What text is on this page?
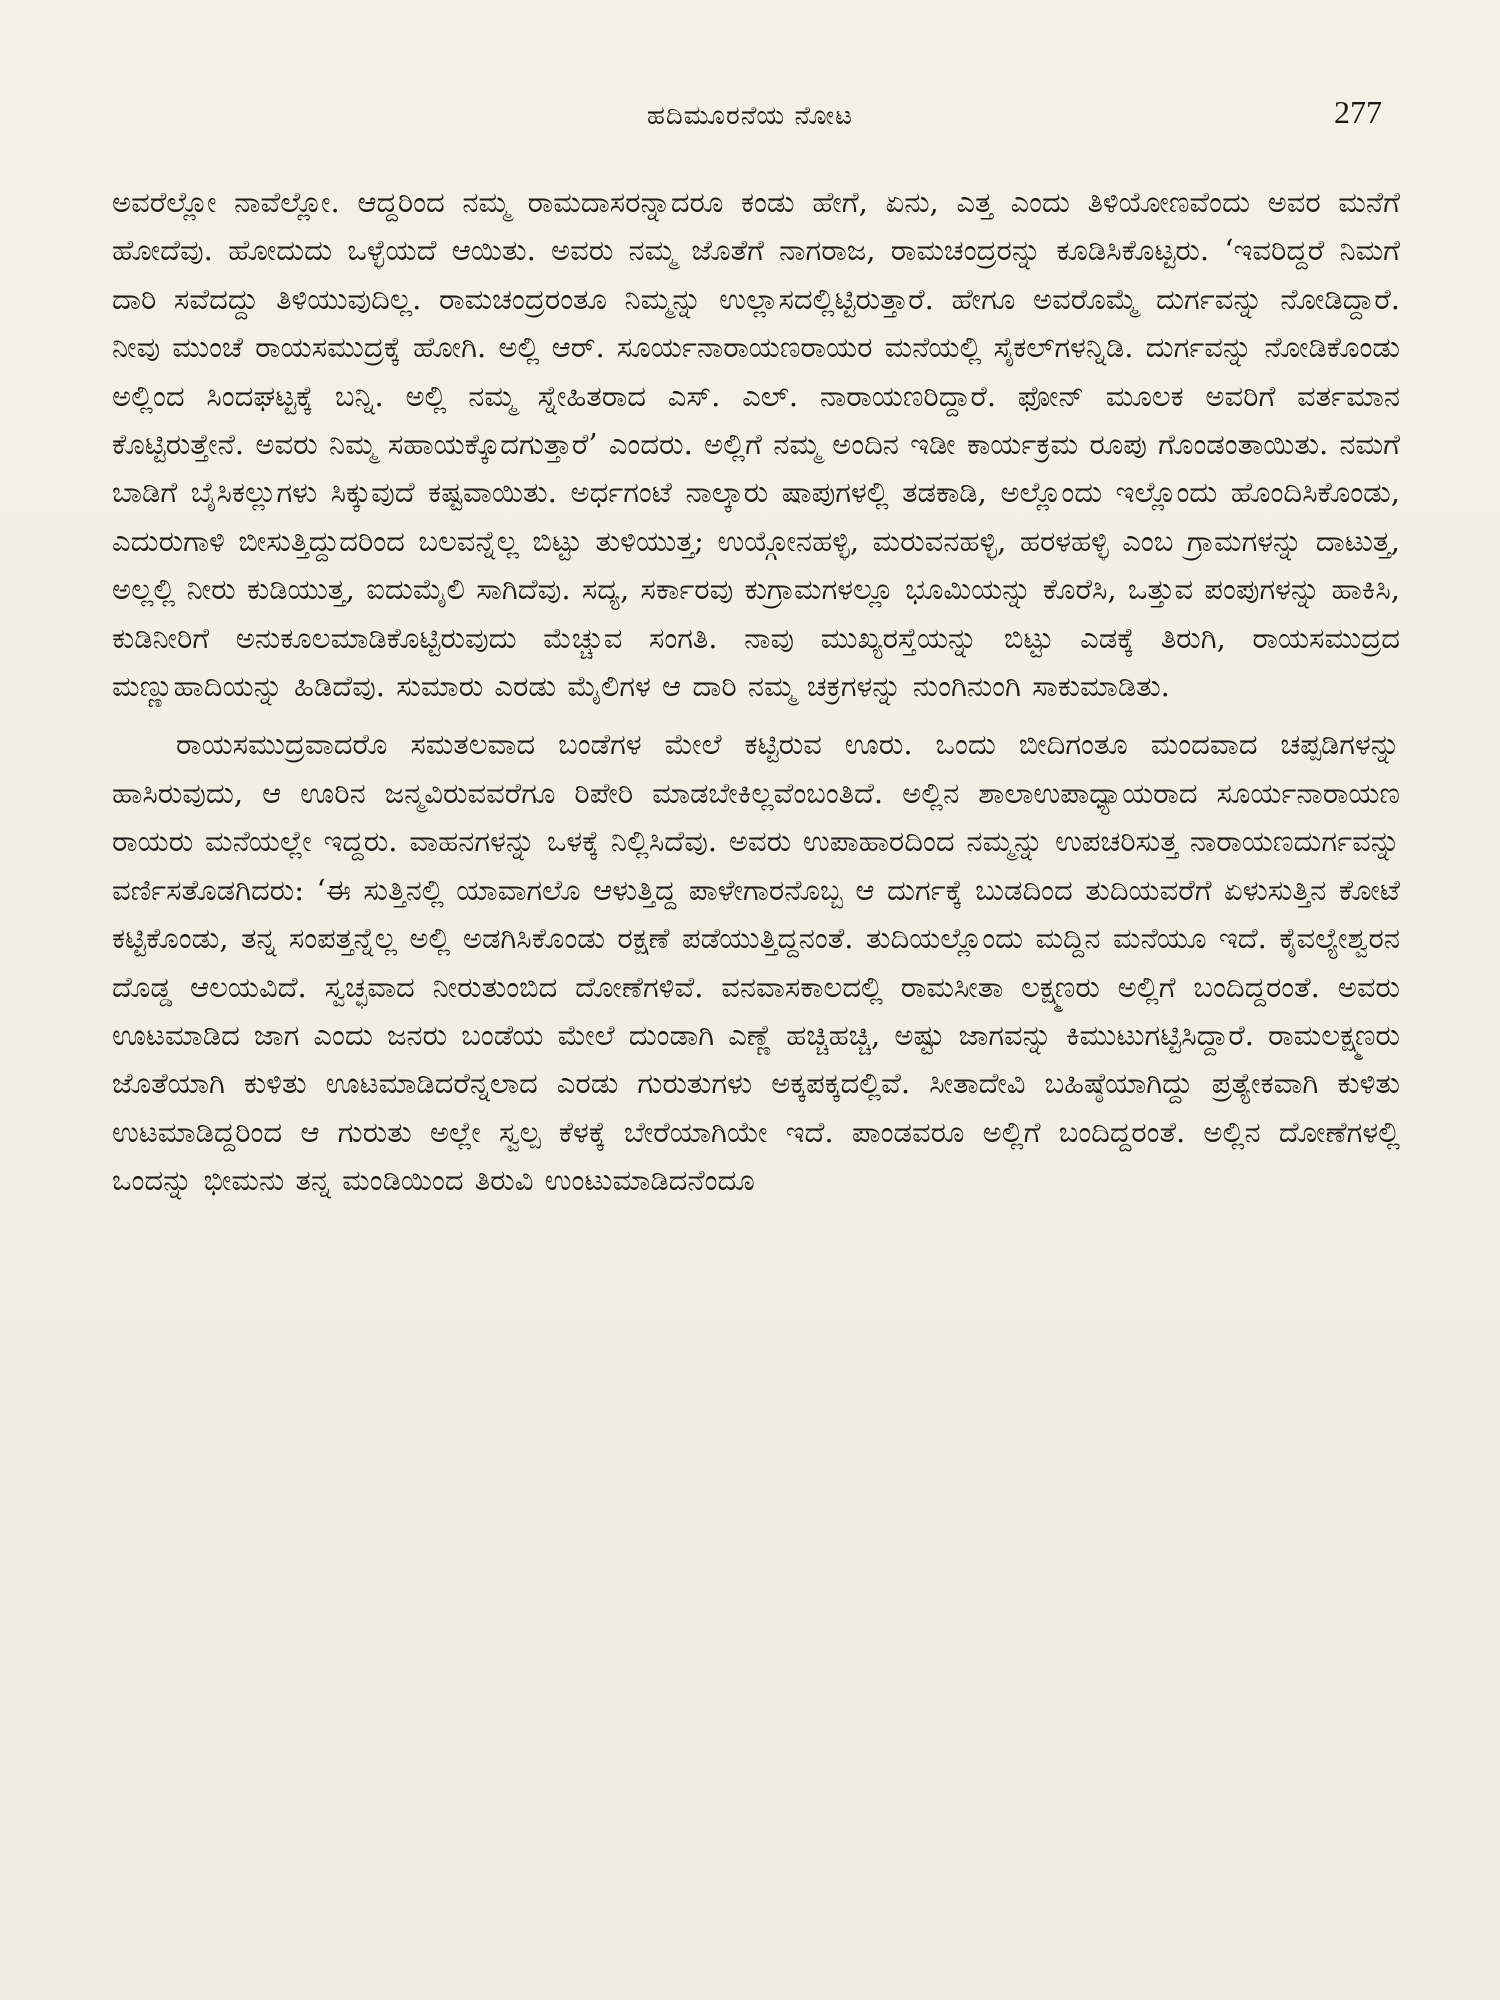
ಹದಿಮೂರನೆಯ ನೋಟ	277

ಅವರೆಲ್ಲೋ ನಾವೆಲ್ಲೋ. ಆದ್ದರಿಂದ ನಮ್ಮ ರಾಮದಾಸರನ್ನಾದರೂ ಕಂಡು ಹೇಗೆ, ಏನು, ಎತ್ತ ಎಂದು ತಿಳಿಯೋಣವೆಂದು ಅವರ ಮನೆಗೆ ಹೋದೆವು. ಹೋದುದು ಒಳ್ಳೆಯದೆ ಆಯಿತು. ಅವರು ನಮ್ಮ ಜೊತೆಗೆ ನಾಗರಾಜ, ರಾಮಚಂದ್ರರನ್ನು ಕೂಡಿಸಿಕೊಟ್ಟರು. ‘ಇವರಿದ್ದರೆ ನಿಮಗೆ ದಾರಿ ಸವೆದದ್ದು ತಿಳಿಯುವುದಿಲ್ಲ. ರಾಮಚಂದ್ರರಂತೂ ನಿಮ್ಮನ್ನು ಉಲ್ಲಾಸದಲ್ಲಿಟ್ಟಿರುತ್ತಾರೆ. ಹೇಗೂ ಅವರೊಮ್ಮೆ ದುರ್ಗವನ್ನು ನೋಡಿದ್ದಾರೆ. ನೀವು ಮುಂಚೆ ರಾಯಸಮುದ್ರಕ್ಕೆ ಹೋಗಿ. ಅಲ್ಲಿ ಆರ್. ಸೂರ್ಯನಾರಾಯಣರಾಯರ ಮನೆಯಲ್ಲಿ ಸೈಕಲ್‌ಗಳನ್ನಿಡಿ. ದುರ್ಗವನ್ನು ನೋಡಿಕೊಂಡು ಅಲ್ಲಿಂದ ಸಿಂದಘಟ್ಟಕ್ಕೆ ಬನ್ನಿ. ಅಲ್ಲಿ ನಮ್ಮ ಸ್ನೇಹಿತರಾದ ಎಸ್. ಎಲ್. ನಾರಾಯಣರಿದ್ದಾರೆ. ಫೋನ್ ಮೂಲಕ ಅವರಿಗೆ ವರ್ತಮಾನ ಕೊಟ್ಟಿರುತ್ತೇನೆ. ಅವರು ನಿಮ್ಮ ಸಹಾಯಕ್ಕೊದಗುತ್ತಾರೆ’ ಎಂದರು. ಅಲ್ಲಿಗೆ ನಮ್ಮ ಅಂದಿನ ಇಡೀ ಕಾರ್ಯಕ್ರಮ ರೂಪು ಗೊಂಡಂತಾಯಿತು. ನಮಗೆ ಬಾಡಿಗೆ ಬೈಸಿಕಲ್ಲುಗಳು ಸಿಕ್ಕುವುದೆ ಕಷ್ಟವಾಯಿತು. ಅರ್ಧಗಂಟೆ ನಾಲ್ಕಾರು ಷಾಪುಗಳಲ್ಲಿ ತಡಕಾಡಿ, ಅಲ್ಲೊಂದು ಇಲ್ಲೊಂದು ಹೊಂದಿಸಿಕೊಂಡು, ಎದುರುಗಾಳಿ ಬೀಸುತ್ತಿದ್ದುದರಿಂದ ಬಲವನ್ನೆಲ್ಲ ಬಿಟ್ಟು ತುಳಿಯುತ್ತ; ಉಯ್ಗೋನಹಳ್ಳಿ, ಮರುವನಹಳ್ಳಿ, ಹರಳಹಳ್ಳಿ ಎಂಬ ಗ್ರಾಮಗಳನ್ನು ದಾಟುತ್ತ, ಅಲ್ಲಲ್ಲಿ ನೀರು ಕುಡಿಯುತ್ತ, ಐದುಮೈಲಿ ಸಾಗಿದೆವು. ಸದ್ಯ, ಸರ್ಕಾರವು ಕುಗ್ರಾಮಗಳಲ್ಲೂ ಭೂಮಿಯನ್ನು ಕೊರೆಸಿ, ಒತ್ತುವ ಪಂಪುಗಳನ್ನು ಹಾಕಿಸಿ, ಕುಡಿನೀರಿಗೆ ಅನುಕೂಲಮಾಡಿಕೊಟ್ಟಿರುವುದು ಮೆಚ್ಚುವ ಸಂಗತಿ. ನಾವು ಮುಖ್ಯರಸ್ತೆಯನ್ನು ಬಿಟ್ಟು ಎಡಕ್ಕೆ ತಿರುಗಿ, ರಾಯಸಮುದ್ರದ ಮಣ್ಣುಹಾದಿಯನ್ನು ಹಿಡಿದೆವು. ಸುಮಾರು ಎರಡು ಮೈಲಿಗಳ ಆ ದಾರಿ ನಮ್ಮ ಚಕ್ರಗಳನ್ನು ನುಂಗಿನುಂಗಿ ಸಾಕುಮಾಡಿತು.

ರಾಯಸಮುದ್ರವಾದರೊ ಸಮತಲವಾದ ಬಂಡೆಗಳ ಮೇಲೆ ಕಟ್ಟಿರುವ ಊರು. ಒಂದು ಬೀದಿಗಂತೂ ಮಂದವಾದ ಚಪ್ಪಡಿಗಳನ್ನು ಹಾಸಿರುವುದು, ಆ ಊರಿನ ಜನ್ಮವಿರುವವರೆಗೂ ರಿಪೇರಿ ಮಾಡಬೇಕಿಲ್ಲವೆಂಬಂತಿದೆ. ಅಲ್ಲಿನ ಶಾಲಾಉಪಾಧ್ಯಾಯರಾದ ಸೂರ್ಯನಾರಾಯಣ ರಾಯರು ಮನೆಯಲ್ಲೇ ಇದ್ದರು. ವಾಹನಗಳನ್ನು ಒಳಕ್ಕೆ ನಿಲ್ಲಿಸಿದೆವು. ಅವರು ಉಪಾಹಾರದಿಂದ ನಮ್ಮನ್ನು ಉಪಚರಿಸುತ್ತ ನಾರಾಯಣದುರ್ಗವನ್ನು ವರ್ಣಿಸತೊಡಗಿದರು: ‘ಈ ಸುತ್ತಿನಲ್ಲಿ ಯಾವಾಗಲೊ ಆಳುತ್ತಿದ್ದ ಪಾಳೇಗಾರನೊಬ್ಬ ಆ ದುರ್ಗಕ್ಕೆ ಬುಡದಿಂದ ತುದಿಯವರೆಗೆ ಏಳುಸುತ್ತಿನ ಕೋಟೆ ಕಟ್ಟಿಕೊಂಡು, ತನ್ನ ಸಂಪತ್ತನ್ನೆಲ್ಲ ಅಲ್ಲಿ ಅಡಗಿಸಿಕೊಂಡು ರಕ್ಷಣೆ ಪಡೆಯುತ್ತಿದ್ದನಂತೆ. ತುದಿಯಲ್ಲೊಂದು ಮದ್ದಿನ ಮನೆಯೂ ಇದೆ. ಕೈವಲ್ಯೇಶ್ವರನ ದೊಡ್ಡ ಆಲಯವಿದೆ. ಸ್ವಚ್ಛವಾದ ನೀರುತುಂಬಿದ ದೋಣೆಗಳಿವೆ. ವನವಾಸಕಾಲದಲ್ಲಿ ರಾಮಸೀತಾ ಲಕ್ಷ್ಮಣರು ಅಲ್ಲಿಗೆ ಬಂದಿದ್ದರಂತೆ. ಅವರು ಊಟಮಾಡಿದ ಜಾಗ ಎಂದು ಜನರು ಬಂಡೆಯ ಮೇಲೆ ದುಂಡಾಗಿ ಎಣ್ಣೆ ಹಚ್ಚಿಹಚ್ಚಿ, ಅಷ್ಟು ಜಾಗವನ್ನು ಕಿಮುಟುಗಟ್ಟಿಸಿದ್ದಾರೆ. ರಾಮಲಕ್ಷ್ಮಣರು ಜೊತೆಯಾಗಿ ಕುಳಿತು ಊಟಮಾಡಿದರೆನ್ನಲಾದ ಎರಡು ಗುರುತುಗಳು ಅಕ್ಕಪಕ್ಕದಲ್ಲಿವೆ. ಸೀತಾದೇವಿ ಬಹಿಷ್ಠೆಯಾಗಿದ್ದು ಪ್ರತ್ಯೇಕವಾಗಿ ಕುಳಿತು ಉಟಮಾಡಿದ್ದರಿಂದ ಆ ಗುರುತು ಅಲ್ಲೇ ಸ್ವಲ್ಪ ಕೆಳಕ್ಕೆ ಬೇರೆಯಾಗಿಯೇ ಇದೆ. ಪಾಂಡವರೂ ಅಲ್ಲಿಗೆ ಬಂದಿದ್ದರಂತೆ. ಅಲ್ಲಿನ ದೋಣೆಗಳಲ್ಲಿ ಒಂದನ್ನು ಭೀಮನು ತನ್ನ ಮಂಡಿಯಿಂದ ತಿರುವಿ ಉಂಟುಮಾಡಿದನೆಂದೂ
